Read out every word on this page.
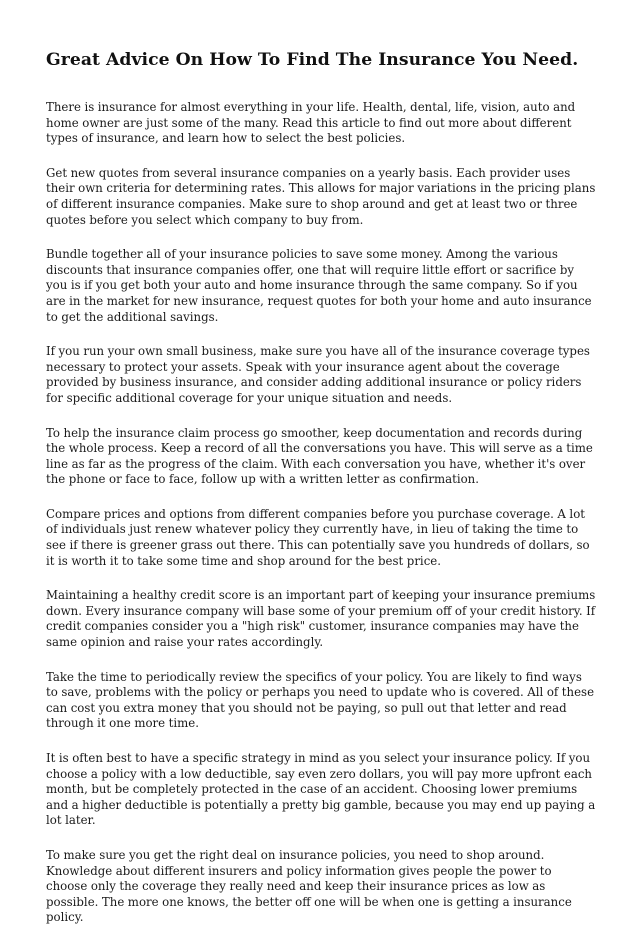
Great Advice On How To Find The Insurance You Need.

There is insurance for almost everything in your life. Health, dental, life, vision, auto and home owner are just some of the many. Read this article to find out more about different types of insurance, and learn how to select the best policies.

Get new quotes from several insurance companies on a yearly basis. Each provider uses their own criteria for determining rates. This allows for major variations in the pricing plans of different insurance companies. Make sure to shop around and get at least two or three quotes before you select which company to buy from.

Bundle together all of your insurance policies to save some money. Among the various discounts that insurance companies offer, one that will require little effort or sacrifice by you is if you get both your auto and home insurance through the same company. So if you are in the market for new insurance, request quotes for both your home and auto insurance to get the additional savings.

If you run your own small business, make sure you have all of the insurance coverage types necessary to protect your assets. Speak with your insurance agent about the coverage provided by business insurance, and consider adding additional insurance or policy riders for specific additional coverage for your unique situation and needs.

To help the insurance claim process go smoother, keep documentation and records during the whole process. Keep a record of all the conversations you have. This will serve as a time line as far as the progress of the claim. With each conversation you have, whether it's over the phone or face to face, follow up with a written letter as confirmation.

Compare prices and options from different companies before you purchase coverage. A lot of individuals just renew whatever policy they currently have, in lieu of taking the time to see if there is greener grass out there. This can potentially save you hundreds of dollars, so it is worth it to take some time and shop around for the best price.

Maintaining a healthy credit score is an important part of keeping your insurance premiums down. Every insurance company will base some of your premium off of your credit history. If credit companies consider you a "high risk" customer, insurance companies may have the same opinion and raise your rates accordingly.

Take the time to periodically review the specifics of your policy. You are likely to find ways to save, problems with the policy or perhaps you need to update who is covered. All of these can cost you extra money that you should not be paying, so pull out that letter and read through it one more time.

It is often best to have a specific strategy in mind as you select your insurance policy. If you choose a policy with a low deductible, say even zero dollars, you will pay more upfront each month, but be completely protected in the case of an accident. Choosing lower premiums and a higher deductible is potentially a pretty big gamble, because you may end up paying a lot later.

To make sure you get the right deal on insurance policies, you need to shop around. Knowledge about different insurers and policy information gives people the power to choose only the coverage they really need and keep their insurance prices as low as possible. The more one knows, the better off one will be when one is getting a insurance policy.
